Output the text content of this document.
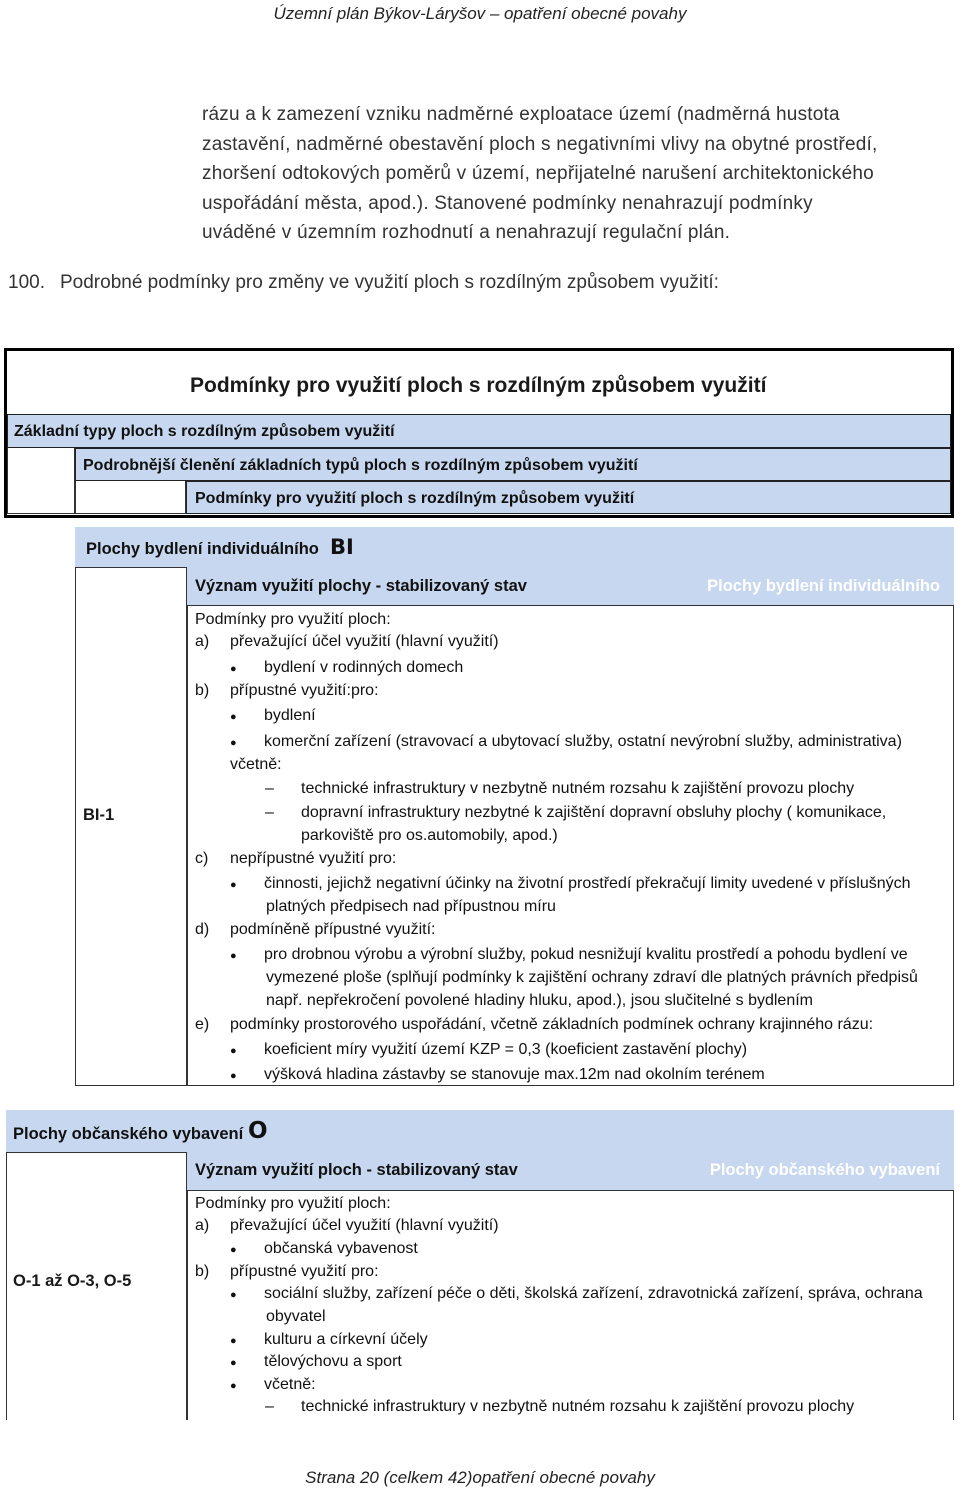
Územní plán Býkov-Láryšov – opatření obecné povahy
rázu a k zamezení vzniku nadměrné exploatace území (nadměrná hustota
zastavění, nadměrné obestavění ploch s negativními vlivy na obytné prostředí,
zhoršení odtokových poměrů v území, nepřijatelné narušení architektonického
uspořádání města, apod.). Stanovené podmínky nenahrazují podmínky
uváděné v územním rozhodnutí a nenahrazují regulační plán.
100. Podrobné podmínky pro změny ve využití ploch s rozdílným způsobem využití:
Podmínky pro využití ploch s rozdílným způsobem využití
Základní typy ploch s rozdílným způsobem využití
Podrobnější členění základních typů ploch s rozdílným způsobem využití
Podmínky pro využití ploch s rozdílným způsobem využití
Plochy bydlení individuálního BI
BI-1
Význam využití plochy - stabilizovaný stav	Plochy bydlení individuálního
Podmínky pro využití ploch:
a) převažující účel využití (hlavní využití)
● bydlení v rodinných domech
b) přípustné využití:pro:
● bydlení
● komerční zařízení (stravovací a ubytovací služby, ostatní nevýrobní služby, administrativa)
včetně:
– technické infrastruktury v nezbytně nutném rozsahu k zajištění provozu plochy
– dopravní infrastruktury nezbytné k zajištění dopravní obsluhy plochy ( komunikace,
parkoviště pro os.automobily, apod.)
c) nepřípustné využití pro:
● činnosti, jejichž negativní účinky na životní prostředí překračují limity uvedené v příslušných
platných předpisech nad přípustnou míru
d) podmíněně přípustné využití:
● pro drobnou výrobu a výrobní služby, pokud nesnižují kvalitu prostředí a pohodu bydlení ve
vymezené ploše (splňují podmínky k zajištění ochrany zdraví dle platných právních předpisů
např. nepřekročení povolené hladiny hluku, apod.), jsou slučitelné s bydlením
e) podmínky prostorového uspořádání, včetně základních podmínek ochrany krajinného rázu:
● koeficient míry využití území KZP = 0,3 (koeficient zastavění plochy)
● výšková hladina zástavby se stanovuje max.12m nad okolním terénem
Plochy občanského vybavení O
O-1 až O-3, O-5
Význam využití ploch - stabilizovaný stav	Plochy občanského vybavení
Podmínky pro využití ploch:
a) převažující účel využití (hlavní využití)
● občanská vybavenost
b) přípustné využití pro:
● sociální služby, zařízení péče o děti, školská zařízení, zdravotnická zařízení, správa, ochrana
obyvatel
● kulturu a církevní účely
● tělovýchovu a sport
● včetně:
– technické infrastruktury v nezbytně nutném rozsahu k zajištění provozu plochy
Strana 20 (celkem 42)opatření obecné povahy
